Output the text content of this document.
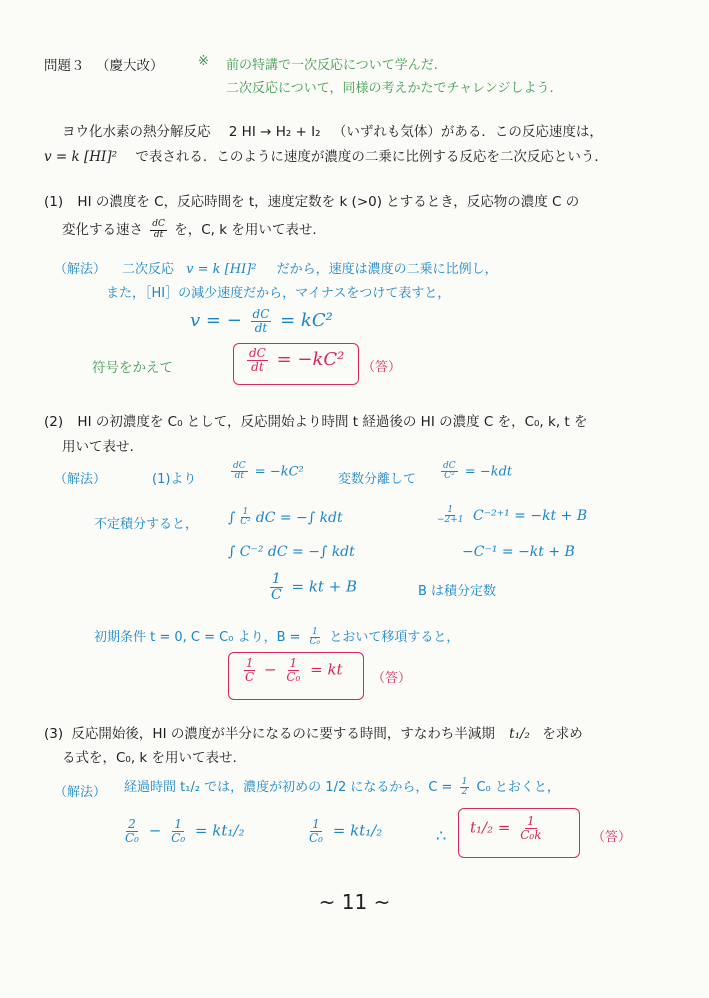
問題３ （慶大改）	※ 前の特講で一次反応について学んだ.
二次反応について，同様の考えかたでチャレンジしよう.
ヨウ化水素の熱分解反応 2 HI → H₂ + I₂ （いずれも気体）がある．この反応速度は，
v = k [HI]² で表される．このように速度が濃度の二乗に比例する反応を二次反応という．
(1) HI の濃度を C，反応時間を t，速度定数を k (>0) とするとき，反応物の濃度 C の
変化する速さ $\frac{dC}{dt}$ を，C, k を用いて表せ.
（解法） 二次反応 v = k [HI]² だから，速度は濃度の二乗に比例し，
また，［HI］の減少速度だから，マイナスをつけて表すと，
v = − $\frac{dC}{dt} = kC^2$
符号をかえて	$\frac{dC}{dt} = -kC^2$ （答）
(2) HI の初濃度を C₀ として，反応開始より時間 t 経過後の HI の濃度 C を，C₀, k, t を
用いて表せ.
（解法）	(1)より	$\frac{dC}{dt} = -kC^2$
変数分離して	$\frac{dC}{\text{C²}} = -kdt$
不定積分すると， ∫ $\frac{1}{\text{C²}}$ dC = −∫ kdt	$\frac{1}{-2+1} C^{-2+1} = -kt + B$
∫ C⁻² dC = −∫ kdt	−C⁻¹ = −kt + B
$\frac{1}{C}$ = kt + B	B は積分定数
初期条件 t = 0, C = C₀ より，$B = \frac{1}{\text{C₀}}$ とおいて移項すると，
$\frac{1}{C} - \frac{1}{\text{C₀}}$ = kt （答）
(3) 反応開始後，HI の濃度が半分になるのに要する時間，すなわち半減期 t₁/₂ を求め
る式を，C₀, k を用いて表せ.
（解法） 経過時間 t₁/₂ では，濃度が初めの 1/2 になるから，$C = \frac{1}{2} C_0$ とおくと，
$\frac{2}{\text{C₀}} - \frac{1}{\text{C₀}} = kt_1/_2$	$\frac{1}{\text{C₀}} = kt_1/_2$	∴ $t_1/_2 = \frac{1}{\text{C₀k}}$	（答）
~ 11 ~
